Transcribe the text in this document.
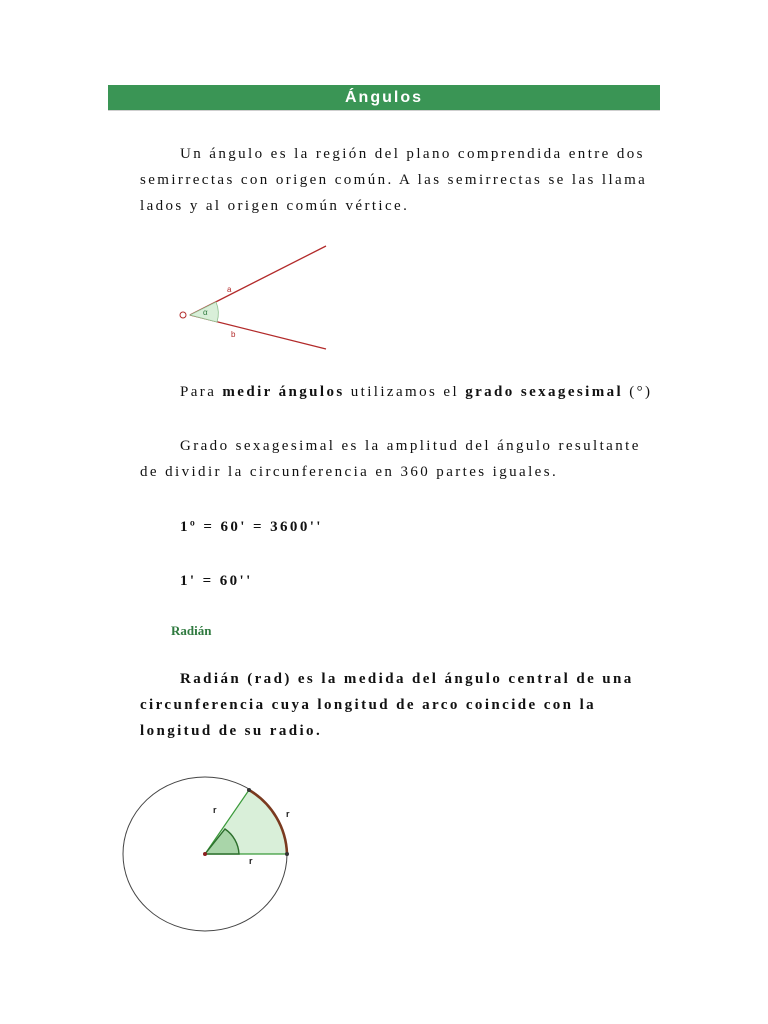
Ángulos

Un ángulo es la región del plano comprendida entre dos

semirrectas con origen común. A las semirrectas se las llama

lados y al origen común vértice.

a
b
α

Para medir ángulos utilizamos el grado sexagesimal (°)

Grado sexagesimal es la amplitud del ángulo resultante

de dividir la circunferencia en 360 partes iguales.

1º = 60' = 3600''

1' = 60''

Radián

Radián (rad) es la medida del ángulo central de una

circunferencia cuya longitud de arco coincide con la

longitud de su radio.

r	r
r
